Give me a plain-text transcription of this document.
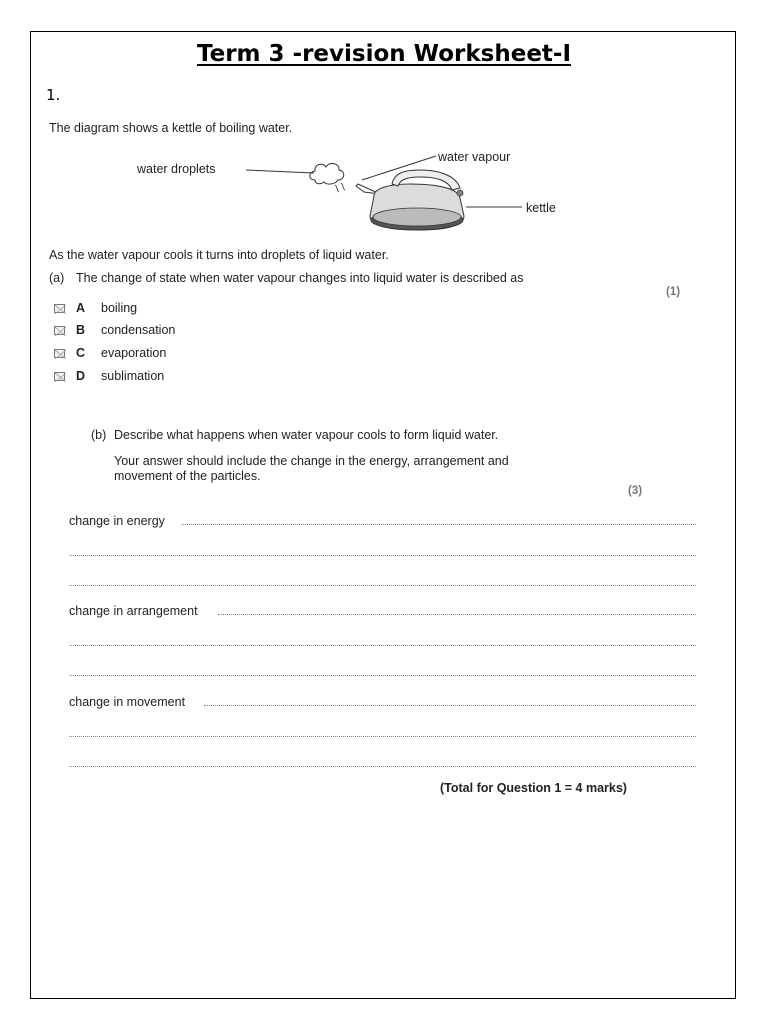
Term 3 -revision Worksheet-I
1.
The diagram shows a kettle of boiling water.
water droplets
water vapour
kettle
As the water vapour cools it turns into droplets of liquid water.
(a) The change of state when water vapour changes into liquid water is described as
(1)
A boiling
B condensation
C evaporation
D sublimation
(b) Describe what happens when water vapour cools to form liquid water.
Your answer should include the change in the energy, arrangement and
movement of the particles.
(3)
change in energy
change in arrangement
change in movement
(Total for Question 1 = 4 marks)
